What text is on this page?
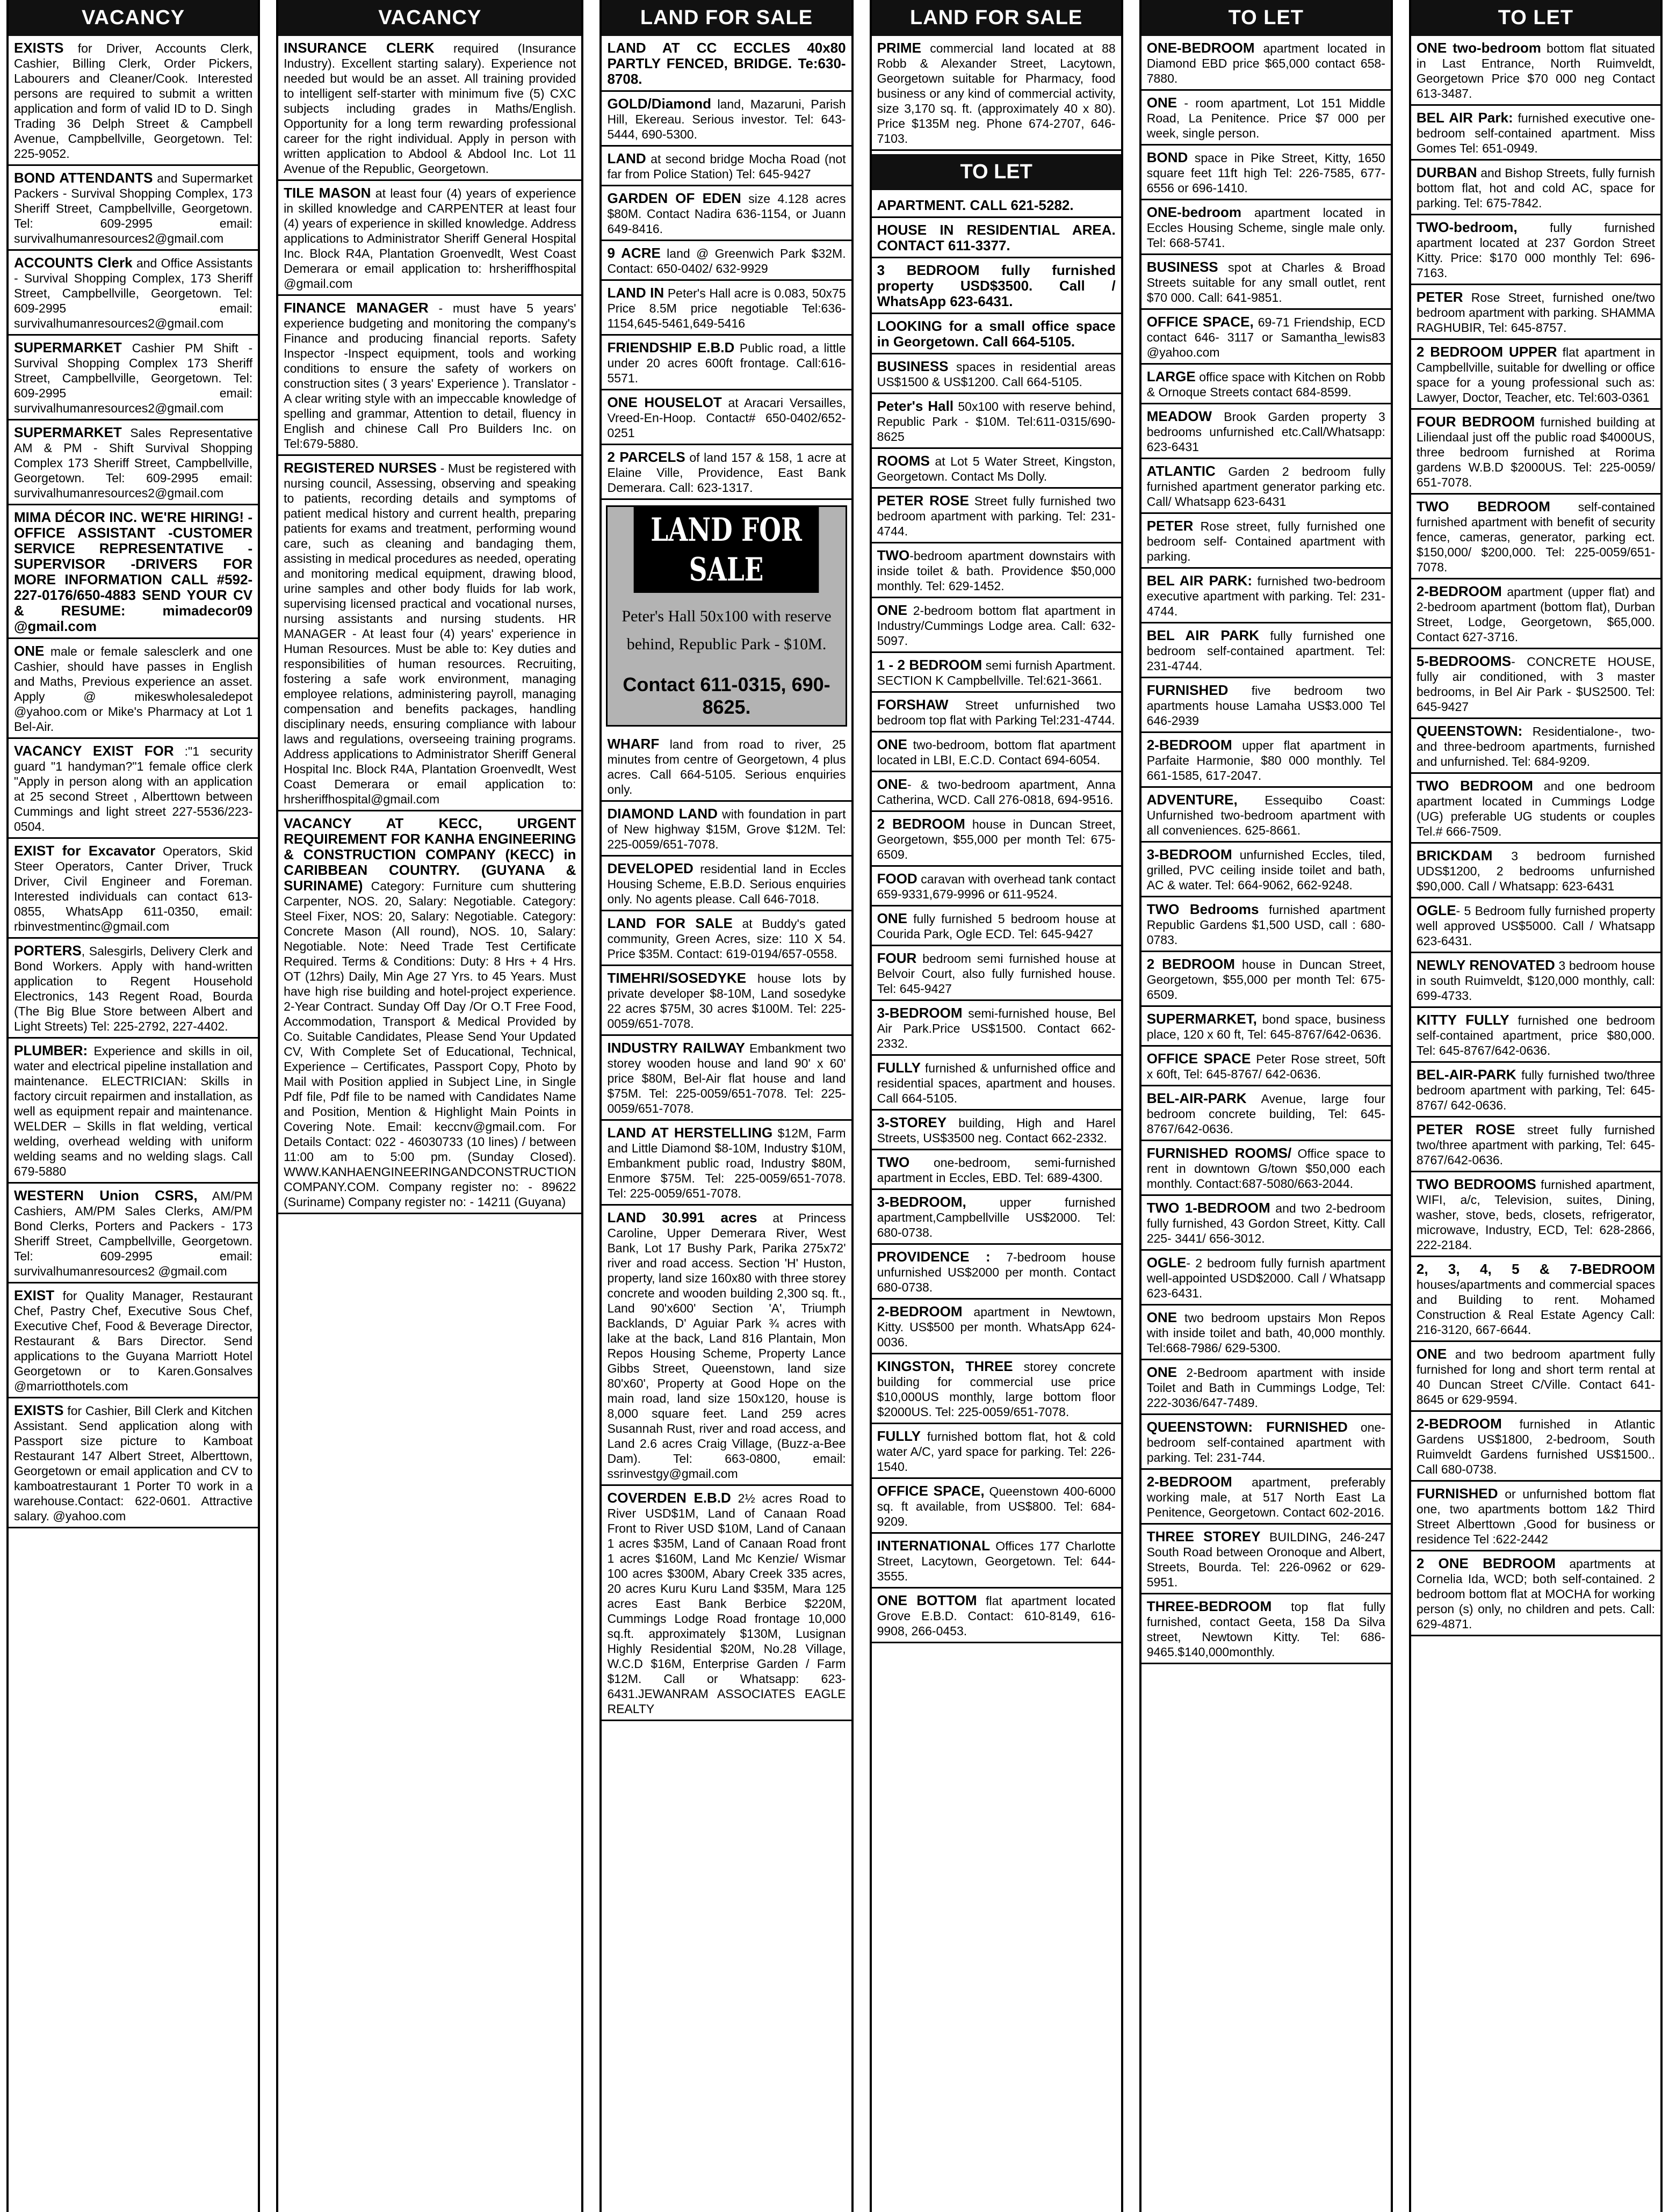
VACANCY
EXISTS for Driver, Accounts Clerk, Cashier, Billing Clerk, Order Pickers, Labourers and Cleaner/Cook. Interested persons are required to submit a written application and form of valid ID to D. Singh Trading 36 Delph Street & Campbell Avenue, Campbellville, Georgetown. Tel: 225-9052.
BOND ATTENDANTS and Supermarket Packers - Survival Shopping Complex, 173 Sheriff Street, Campbellville, Georgetown. Tel: 609-2995 email: survivalhumanresources2@gmail.com
ACCOUNTS Clerk and Office Assistants - Survival Shopping Complex, 173 Sheriff Street, Campbellville, Georgetown. Tel: 609-2995 email: survivalhumanresources2@gmail.com
SUPERMARKET Cashier PM Shift - Survival Shopping Complex 173 Sheriff Street, Campbellville, Georgetown. Tel: 609-2995 email: survivalhumanresources2@gmail.com
SUPERMARKET Sales Representative AM & PM - Shift Survival Shopping Complex 173 Sheriff Street, Campbellville, Georgetown. Tel: 609-2995 email: survivalhumanresources2@gmail.com
MIMA DÉCOR INC. WE'RE HIRING! -OFFICE ASSISTANT -CUSTOMER SERVICE REPRESENTATIVE -SUPERVISOR -DRIVERS FOR MORE INFORMATION CALL #592-227-0176/650-4883 SEND YOUR CV & RESUME: mimadecor09 @gmail.com
ONE male or female salesclerk and one Cashier, should have passes in English and Maths, Previous experience an asset. Apply @ mikeswholesaledepot @yahoo.com or Mike's Pharmacy at Lot 1 Bel-Air.
VACANCY EXIST FOR :"1 security guard "1 handyman?"1 female office clerk "Apply in person along with an application at 25 second Street , Alberttown between Cummings and light street 227-5536/223-0504.
EXIST for Excavator Operators, Skid Steer Operators, Canter Driver, Truck Driver, Civil Engineer and Foreman. Interested individuals can contact 613-0855, WhatsApp 611-0350, email: rbinvestmentinc@gmail.com
PORTERS, Salesgirls, Delivery Clerk and Bond Workers. Apply with hand-written application to Regent Household Electronics, 143 Regent Road, Bourda (The Big Blue Store between Albert and Light Streets) Tel: 225-2792, 227-4402.
PLUMBER: Experience and skills in oil, water and electrical pipeline installation and maintenance. ELECTRICIAN: Skills in factory circuit repairmen and installation, as well as equipment repair and maintenance. WELDER – Skills in flat welding, vertical welding, overhead welding with uniform welding seams and no welding slags. Call 679-5880
WESTERN Union CSRS, AM/PM Cashiers, AM/PM Sales Clerks, AM/PM Bond Clerks, Porters and Packers - 173 Sheriff Street, Campbellville, Georgetown. Tel: 609-2995 email: survivalhumanresources2 @gmail.com
EXIST for Quality Manager, Restaurant Chef, Pastry Chef, Executive Sous Chef, Executive Chef, Food & Beverage Director, Restaurant & Bars Director. Send applications to the Guyana Marriott Hotel Georgetown or to Karen.Gonsalves @marriotthotels.com
EXISTS for Cashier, Bill Clerk and Kitchen Assistant. Send application along with Passport size picture to Kamboat Restaurant 147 Albert Street, Alberttown, Georgetown or email application and CV to kamboatrestaurant 1 Porter T0 work in a warehouse.Contact: 622-0601. Attractive salary. @yahoo.com
VACANCY
INSURANCE CLERK required (Insurance Industry). Excellent starting salary). Experience not needed but would be an asset. All training provided to intelligent self-starter with minimum five (5) CXC subjects including grades in Maths/English. Opportunity for a long term rewarding professional career for the right individual. Apply in person with written application to Abdool & Abdool Inc. Lot 11 Avenue of the Republic, Georgetown.
TILE MASON at least four (4) years of experience in skilled knowledge and CARPENTER at least four (4) years of experience in skilled knowledge. Address applications to Administrator Sheriff General Hospital Inc. Block R4A, Plantation Groenvedlt, West Coast Demerara or email application to: hrsheriffhospital @gmail.com
FINANCE MANAGER - must have 5 years' experience budgeting and monitoring the company's Finance and producing financial reports. Safety Inspector -Inspect equipment, tools and working conditions to ensure the safety of workers on construction sites ( 3 years' Experience ). Translator - A clear writing style with an impeccable knowledge of spelling and grammar, Attention to detail, fluency in English and chinese Call Pro Builders Inc. on Tel:679-5880.
REGISTERED NURSES - Must be registered with nursing council, Assessing, observing and speaking to patients, recording details and symptoms of patient medical history and current health, preparing patients for exams and treatment, performing wound care, such as cleaning and bandaging them, assisting in medical procedures as needed, operating and monitoring medical equipment, drawing blood, urine samples and other body fluids for lab work, supervising licensed practical and vocational nurses, nursing assistants and nursing students. HR MANAGER - At least four (4) years' experience in Human Resources. Must be able to: Key duties and responsibilities of human resources. Recruiting, fostering a safe work environment, managing employee relations, administering payroll, managing compensation and benefits packages, handling disciplinary needs, ensuring compliance with labour laws and regulations, overseeing training programs. Address applications to Administrator Sheriff General Hospital Inc. Block R4A, Plantation Groenvedlt, West Coast Demerara or email application to: hrsheriffhospital@gmail.com
VACANCY AT KECC, URGENT REQUIREMENT FOR KANHA ENGINEERING & CONSTRUCTION COMPANY (KECC) in CARIBBEAN COUNTRY. (GUYANA & SURINAME) Category: Furniture cum shuttering Carpenter, NOS. 20, Salary: Negotiable. Category: Steel Fixer, NOS: 20, Salary: Negotiable. Category: Concrete Mason (All round), NOS. 10, Salary: Negotiable. Note: Need Trade Test Certificate Required. Terms & Conditions: Duty: 8 Hrs + 4 Hrs. OT (12hrs) Daily, Min Age 27 Yrs. to 45 Years. Must have high rise building and hotel-project experience. 2-Year Contract. Sunday Off Day /Or O.T Free Food, Accommodation, Transport & Medical Provided by Co. Suitable Candidates, Please Send Your Updated CV, With Complete Set of Educational, Technical, Experience – Certificates, Passport Copy, Photo by Mail with Position applied in Subject Line, in Single Pdf file, Pdf file to be named with Candidates Name and Position, Mention & Highlight Main Points in Covering Note. Email: keccnv@gmail.com. For Details Contact: 022 - 46030733 (10 lines) / between 11:00 am to 5:00 pm. (Sunday Closed). WWW.KANHAENGINEERINGANDCONSTRUCTION COMPANY.COM. Company register no: - 89622 (Suriname) Company register no: - 14211 (Guyana)
LAND FOR SALE
LAND AT CC ECCLES 40x80 PARTLY FENCED, BRIDGE. Te:630-8708.
GOLD/Diamond land, Mazaruni, Parish Hill, Ekereau. Serious investor. Tel: 643-5444, 690-5300.
LAND at second bridge Mocha Road (not far from Police Station) Tel: 645-9427
GARDEN OF EDEN size 4.128 acres $80M. Contact Nadira 636-1154, or Juann 649-8416.
9 ACRE land @ Greenwich Park $32M. Contact: 650-0402/ 632-9929
LAND IN Peter's Hall acre is 0.083, 50x75 Price 8.5M price negotiable Tel:636-1154,645-5461,649-5416
FRIENDSHIP E.B.D Public road, a little under 20 acres 600ft frontage. Call:616-5571.
ONE HOUSELOT at Aracari Versailles, Vreed-En-Hoop. Contact# 650-0402/652-0251
2 PARCELS of land 157 & 158, 1 acre at Elaine Ville, Providence, East Bank Demerara. Call: 623-1317.
LAND FOR SALE
Peter's Hall 50x100 with reserve behind, Republic Park - $10M.
Contact 611-0315, 690-8625.
WHARF land from road to river, 25 minutes from centre of Georgetown, 4 plus acres. Call 664-5105. Serious enquiries only.
DIAMOND LAND with foundation in part of New highway $15M, Grove $12M. Tel: 225-0059/651-7078.
DEVELOPED residential land in Eccles Housing Scheme, E.B.D. Serious enquiries only. No agents please. Call 646-7018.
LAND FOR SALE at Buddy's gated community, Green Acres, size: 110 X 54. Price $35M. Contact: 619-0194/657-0558.
TIMEHRI/SOSEDYKE house lots by private developer $8-10M, Land sosedyke 22 acres $75M, 30 acres $100M. Tel: 225-0059/651-7078.
INDUSTRY RAILWAY Embankment two storey wooden house and land 90' x 60' price $80M, Bel-Air flat house and land $75M. Tel: 225-0059/651-7078. Tel: 225-0059/651-7078.
LAND AT HERSTELLING $12M, Farm and Little Diamond $8-10M, Industry $10M, Embankment public road, Industry $80M, Enmore $75M. Tel: 225-0059/651-7078. Tel: 225-0059/651-7078.
LAND 30.991 acres at Princess Caroline, Upper Demerara River, West Bank, Lot 17 Bushy Park, Parika 275x72' river and road access. Section 'H' Huston, property, land size 160x80 with three storey concrete and wooden building 2,300 sq. ft., Land 90'x600' Section 'A', Triumph Backlands, D' Aguiar Park ¾ acres with lake at the back, Land 816 Plantain, Mon Repos Housing Scheme, Property Lance Gibbs Street, Queenstown, land size 80'x60', Property at Good Hope on the main road, land size 150x120, house is 8,000 square feet. Land 259 acres Susannah Rust, river and road access, and Land 2.6 acres Craig Village, (Buzz-a-Bee Dam). Tel: 663-0800, email: ssrinvestgy@gmail.com
COVERDEN E.B.D 2½ acres Road to River USD$1M, Land of Canaan Road Front to River USD $10M, Land of Canaan 1 acres $35M, Land of Canaan Road front 1 acres $160M, Land Mc Kenzie/ Wismar 100 acres $300M, Abary Creek 335 acres, 20 acres Kuru Kuru Land $35M, Mara 125 acres East Bank Berbice $220M, Cummings Lodge Road frontage 10,000 sq.ft. approximately $130M, Lusignan Highly Residential $20M, No.28 Village, W.C.D $16M, Enterprise Garden / Farm $12M. Call or Whatsapp: 623-6431.JEWANRAM ASSOCIATES EAGLE REALTY
LAND FOR SALE
PRIME commercial land located at 88 Robb & Alexander Street, Lacytown, Georgetown suitable for Pharmacy, food business or any kind of commercial activity, size 3,170 sq. ft. (approximately 40 x 80). Price $135M neg. Phone 674-2707, 646-7103.
TO LET
APARTMENT. CALL 621-5282.
HOUSE IN RESIDENTIAL AREA. CONTACT 611-3377.
3 BEDROOM fully furnished property USD$3500. Call / WhatsApp 623-6431.
LOOKING for a small office space in Georgetown. Call 664-5105.
BUSINESS spaces in residential areas US$1500 & US$1200. Call 664-5105.
Peter's Hall 50x100 with reserve behind, Republic Park - $10M. Tel:611-0315/690-8625
ROOMS at Lot 5 Water Street, Kingston, Georgetown. Contact Ms Dolly.
PETER ROSE Street fully furnished two bedroom apartment with parking. Tel: 231-4744.
TWO-bedroom apartment downstairs with inside toilet & bath. Providence $50,000 monthly. Tel: 629-1452.
ONE 2-bedroom bottom flat apartment in Industry/Cummings Lodge area. Call: 632-5097.
1 - 2 BEDROOM semi furnish Apartment. SECTION K Campbellville. Tel:621-3661.
FORSHAW Street unfurnished two bedroom top flat with Parking Tel:231-4744.
ONE two-bedroom, bottom flat apartment located in LBI, E.C.D. Contact 694-6054.
ONE- & two-bedroom apartment, Anna Catherina, WCD. Call 276-0818, 694-9516.
2 BEDROOM house in Duncan Street, Georgetown, $55,000 per month Tel: 675-6509.
FOOD caravan with overhead tank contact 659-9331,679-9996 or 611-9524.
ONE fully furnished 5 bedroom house at Courida Park, Ogle ECD. Tel: 645-9427
FOUR bedroom semi furnished house at Belvoir Court, also fully furnished house. Tel: 645-9427
3-BEDROOM semi-furnished house, Bel Air Park.Price US$1500. Contact 662-2332.
FULLY furnished & unfurnished office and residential spaces, apartment and houses. Call 664-5105.
3-STOREY building, High and Harel Streets, US$3500 neg. Contact 662-2332.
TWO one-bedroom, semi-furnished apartment in Eccles, EBD. Tel: 689-4300.
3-BEDROOM, upper furnished apartment,Campbellville US$2000. Tel: 680-0738.
PROVIDENCE : 7-bedroom house unfurnished US$2000 per month. Contact 680-0738.
2-BEDROOM apartment in Newtown, Kitty. US$500 per month. WhatsApp 624-0036.
KINGSTON, THREE storey concrete building for commercial use price $10,000US monthly, large bottom floor $2000US. Tel: 225-0059/651-7078.
FULLY furnished bottom flat, hot & cold water A/C, yard space for parking. Tel: 226-1540.
OFFICE SPACE, Queenstown 400-6000 sq. ft available, from US$800. Tel: 684-9209.
INTERNATIONAL Offices 177 Charlotte Street, Lacytown, Georgetown. Tel: 644-3555.
ONE BOTTOM flat apartment located Grove E.B.D. Contact: 610-8149, 616-9908, 266-0453.
TO LET
ONE-BEDROOM apartment located in Diamond EBD price $65,000 contact 658-7880.
ONE - room apartment, Lot 151 Middle Road, La Penitence. Price $7 000 per week, single person.
BOND space in Pike Street, Kitty, 1650 square feet 11ft high Tel: 226-7585, 677-6556 or 696-1410.
ONE-bedroom apartment located in Eccles Housing Scheme, single male only. Tel: 668-5741.
BUSINESS spot at Charles & Broad Streets suitable for any small outlet, rent $70 000. Call: 641-9851.
OFFICE SPACE, 69-71 Friendship, ECD contact 646- 3117 or Samantha_lewis83 @yahoo.com
LARGE office space with Kitchen on Robb & Ornoque Streets contact 684-8599.
MEADOW Brook Garden property 3 bedrooms unfurnished etc.Call/Whatsapp: 623-6431
ATLANTIC Garden 2 bedroom fully furnished apartment generator parking etc. Call/ Whatsapp 623-6431
PETER Rose street, fully furnished one bedroom self- Contained apartment with parking.
BEL AIR PARK: furnished two-bedroom executive apartment with parking. Tel: 231-4744.
BEL AIR PARK fully furnished one bedroom self-contained apartment. Tel: 231-4744.
FURNISHED five bedroom two apartments house Lamaha US$3.000 Tel 646-2939
2-BEDROOM upper flat apartment in Parfaite Harmonie, $80 000 monthly. Tel 661-1585, 617-2047.
ADVENTURE, Essequibo Coast: Unfurnished two-bedroom apartment with all conveniences. 625-8661.
3-BEDROOM unfurnished Eccles, tiled, grilled, PVC ceiling inside toilet and bath, AC & water. Tel: 664-9062, 662-9248.
TWO Bedrooms furnished apartment Republic Gardens $1,500 USD, call : 680-0783.
2 BEDROOM house in Duncan Street, Georgetown, $55,000 per month Tel: 675-6509.
SUPERMARKET, bond space, business place, 120 x 60 ft, Tel: 645-8767/642-0636.
OFFICE SPACE Peter Rose street, 50ft x 60ft, Tel: 645-8767/ 642-0636.
BEL-AIR-PARK Avenue, large four bedroom concrete building, Tel: 645-8767/642-0636.
FURNISHED ROOMS/ Office space to rent in downtown G/town $50,000 each monthly. Contact:687-5080/663-2044.
TWO 1-BEDROOM and two 2-bedroom fully furnished, 43 Gordon Street, Kitty. Call 225- 3441/ 656-3012.
OGLE- 2 bedroom fully furnish apartment well-appointed USD$2000. Call / Whatsapp 623-6431.
ONE two bedroom upstairs Mon Repos with inside toilet and bath, 40,000 monthly. Tel:668-7986/ 629-5300.
ONE 2-Bedroom apartment with inside Toilet and Bath in Cummings Lodge, Tel: 222-3036/647-7489.
QUEENSTOWN: FURNISHED one-bedroom self-contained apartment with parking. Tel: 231-744.
2-BEDROOM apartment, preferably working male, at 517 North East La Penitence, Georgetown. Contact 602-2016.
THREE STOREY BUILDING, 246-247 South Road between Oronoque and Albert, Streets, Bourda. Tel: 226-0962 or 629-5951.
THREE-BEDROOM top flat fully furnished, contact Geeta, 158 Da Silva street, Newtown Kitty. Tel: 686-9465.$140,000monthly.
TO LET
ONE two-bedroom bottom flat situated in Last Entrance, North Ruimveldt, Georgetown Price $70 000 neg Contact 613-3487.
BEL AIR Park: furnished executive one-bedroom self-contained apartment. Miss Gomes Tel: 651-0949.
DURBAN and Bishop Streets, fully furnish bottom flat, hot and cold AC, space for parking. Tel: 675-7842.
TWO-bedroom, fully furnished apartment located at 237 Gordon Street Kitty. Price: $170 000 monthly Tel: 696-7163.
PETER Rose Street, furnished one/two bedroom apartment with parking. SHAMMA RAGHUBIR, Tel: 645-8757.
2 BEDROOM UPPER flat apartment in Campbellville, suitable for dwelling or office space for a young professional such as: Lawyer, Doctor, Teacher, etc. Tel:603-0361
FOUR BEDROOM furnished building at Liliendaal just off the public road $4000US, three bedroom furnished at Rorima gardens W.B.D $2000US. Tel: 225-0059/ 651-7078.
TWO BEDROOM self-contained furnished apartment with benefit of security fence, cameras, generator, parking ect. $150,000/ $200,000. Tel: 225-0059/651-7078.
2-BEDROOM apartment (upper flat) and 2-bedroom apartment (bottom flat), Durban Street, Lodge, Georgetown, $65,000. Contact 627-3716.
5-BEDROOMS- CONCRETE HOUSE, fully air conditioned, with 3 master bedrooms, in Bel Air Park - $US2500. Tel: 645-9427
QUEENSTOWN: Residentialone-, two-and three-bedroom apartments, furnished and unfurnished. Tel: 684-9209.
TWO BEDROOM and one bedroom apartment located in Cummings Lodge (UG) preferable UG students or couples Tel.# 666-7509.
BRICKDAM 3 bedroom furnished UDS$1200, 2 bedrooms unfurnished $90,000. Call / Whatsapp: 623-6431
OGLE- 5 Bedroom fully furnished property well approved US$5000. Call / Whatsapp 623-6431.
NEWLY RENOVATED 3 bedroom house in south Ruimveldt, $120,000 monthly, call: 699-4733.
KITTY FULLY furnished one bedroom self-contained apartment, price $80,000. Tel: 645-8767/642-0636.
BEL-AIR-PARK fully furnished two/three bedroom apartment with parking, Tel: 645-8767/ 642-0636.
PETER ROSE street fully furnished two/three apartment with parking, Tel: 645-8767/642-0636.
TWO BEDROOMS furnished apartment, WIFI, a/c, Television, suites, Dining, washer, stove, beds, closets, refrigerator, microwave, Industry, ECD, Tel: 628-2866, 222-2184.
2, 3, 4, 5 & 7-BEDROOM houses/apartments and commercial spaces and Building to rent. Mohamed Construction & Real Estate Agency Call: 216-3120, 667-6644.
ONE and two bedroom apartment fully furnished for long and short term rental at 40 Duncan Street C/Ville. Contact 641-8645 or 629-9594.
2-BEDROOM furnished in Atlantic Gardens US$1800, 2-bedroom, South Ruimveldt Gardens furnished US$1500.. Call 680-0738.
FURNISHED or unfurnished bottom flat one, two apartments bottom 1&2 Third Street Alberttown ,Good for business or residence Tel :622-2442
2 ONE BEDROOM apartments at Cornelia Ida, WCD; both self-contained. 2 bedroom bottom flat at MOCHA for working person (s) only, no children and pets. Call: 629-4871.
